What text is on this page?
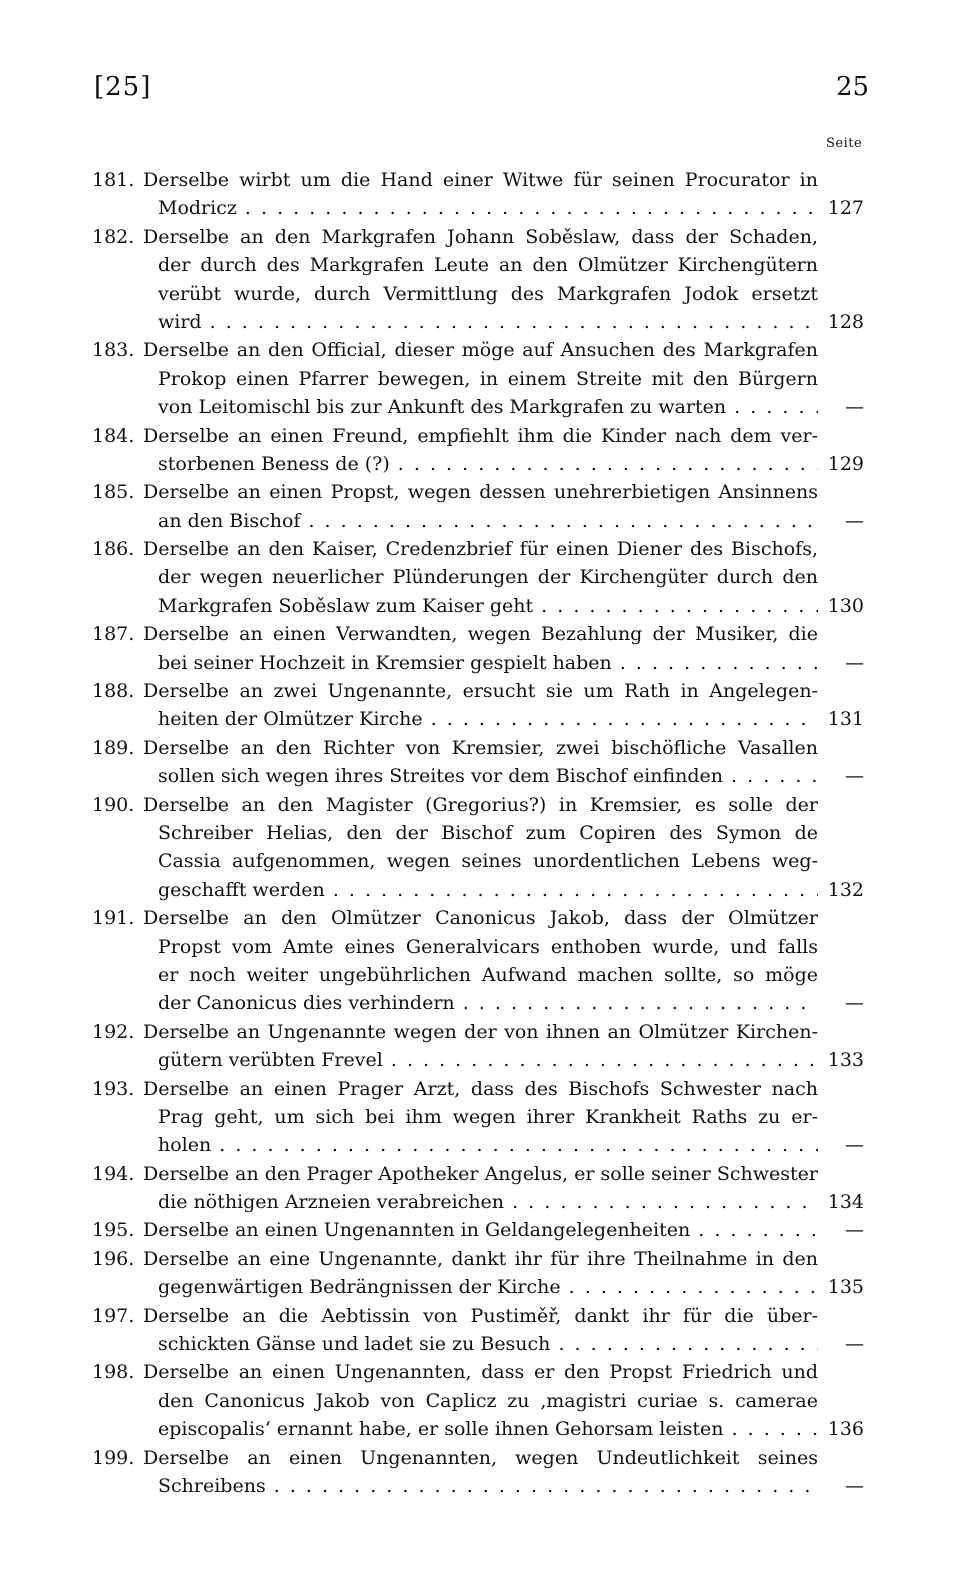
[25]	25
Seite
181. Derselbe wirbt um die Hand einer Witwe für seinen Procurator in
Modricz . . .	127
182. Derselbe an den Markgrafen Johann Soběslaw, dass der Schaden,
der durch des Markgrafen Leute an den Olmützer Kirchengütern
verübt wurde, durch Vermittlung des Markgrafen Jodok ersetzt
wird . . .	128
183. Derselbe an den Official, dieser möge auf Ansuchen des Markgrafen
Prokop einen Pfarrer bewegen, in einem Streite mit den Bürgern
von Leitomischl bis zur Ankunft des Markgrafen zu warten . . .	—
184. Derselbe an einen Freund, empfiehlt ihm die Kinder nach dem ver-
storbenen Beness de (?) . . .	129
185. Derselbe an einen Propst, wegen dessen unehrerbietigen Ansinnens
an den Bischof . . .	—
186. Derselbe an den Kaiser, Credenzbrief für einen Diener des Bischofs,
der wegen neuerlicher Plünderungen der Kirchengüter durch den
Markgrafen Soběslaw zum Kaiser geht . . .	130
187. Derselbe an einen Verwandten, wegen Bezahlung der Musiker, die
bei seiner Hochzeit in Kremsier gespielt haben . . .	—
188. Derselbe an zwei Ungenannte, ersucht sie um Rath in Angelegen-
heiten der Olmützer Kirche . . .	131
189. Derselbe an den Richter von Kremsier, zwei bischöfliche Vasallen
sollen sich wegen ihres Streites vor dem Bischof einfinden . . .	—
190. Derselbe an den Magister (Gregorius?) in Kremsier, es solle der
Schreiber Helias, den der Bischof zum Copiren des Symon de
Cassia aufgenommen, wegen seines unordentlichen Lebens weg-
geschafft werden . . .	132
191. Derselbe an den Olmützer Canonicus Jakob, dass der Olmützer
Propst vom Amte eines Generalvicars enthoben wurde, und falls
er noch weiter ungebührlichen Aufwand machen sollte, so möge
der Canonicus dies verhindern . . .	—
192. Derselbe an Ungenannte wegen der von ihnen an Olmützer Kirchen-
gütern verübten Frevel . . .	133
193. Derselbe an einen Prager Arzt, dass des Bischofs Schwester nach
Prag geht, um sich bei ihm wegen ihrer Krankheit Raths zu er-
holen . . .	—
194. Derselbe an den Prager Apotheker Angelus, er solle seiner Schwester
die nöthigen Arzneien verabreichen . . .	134
195. Derselbe an einen Ungenannten in Geldangelegenheiten . . .	—
196. Derselbe an eine Ungenannte, dankt ihr für ihre Theilnahme in den
gegenwärtigen Bedrängnissen der Kirche . . .	135
197. Derselbe an die Aebtissin von Pustiměř, dankt ihr für die über-
schickten Gänse und ladet sie zu Besuch . . .	—
198. Derselbe an einen Ungenannten, dass er den Propst Friedrich und
den Canonicus Jakob von Caplicz zu ‚magistri curiae s. camerae
episcopalis‘ ernannt habe, er solle ihnen Gehorsam leisten . . .	136
199. Derselbe an einen Ungenannten, wegen Undeutlichkeit seines
Schreibens . . .	—
